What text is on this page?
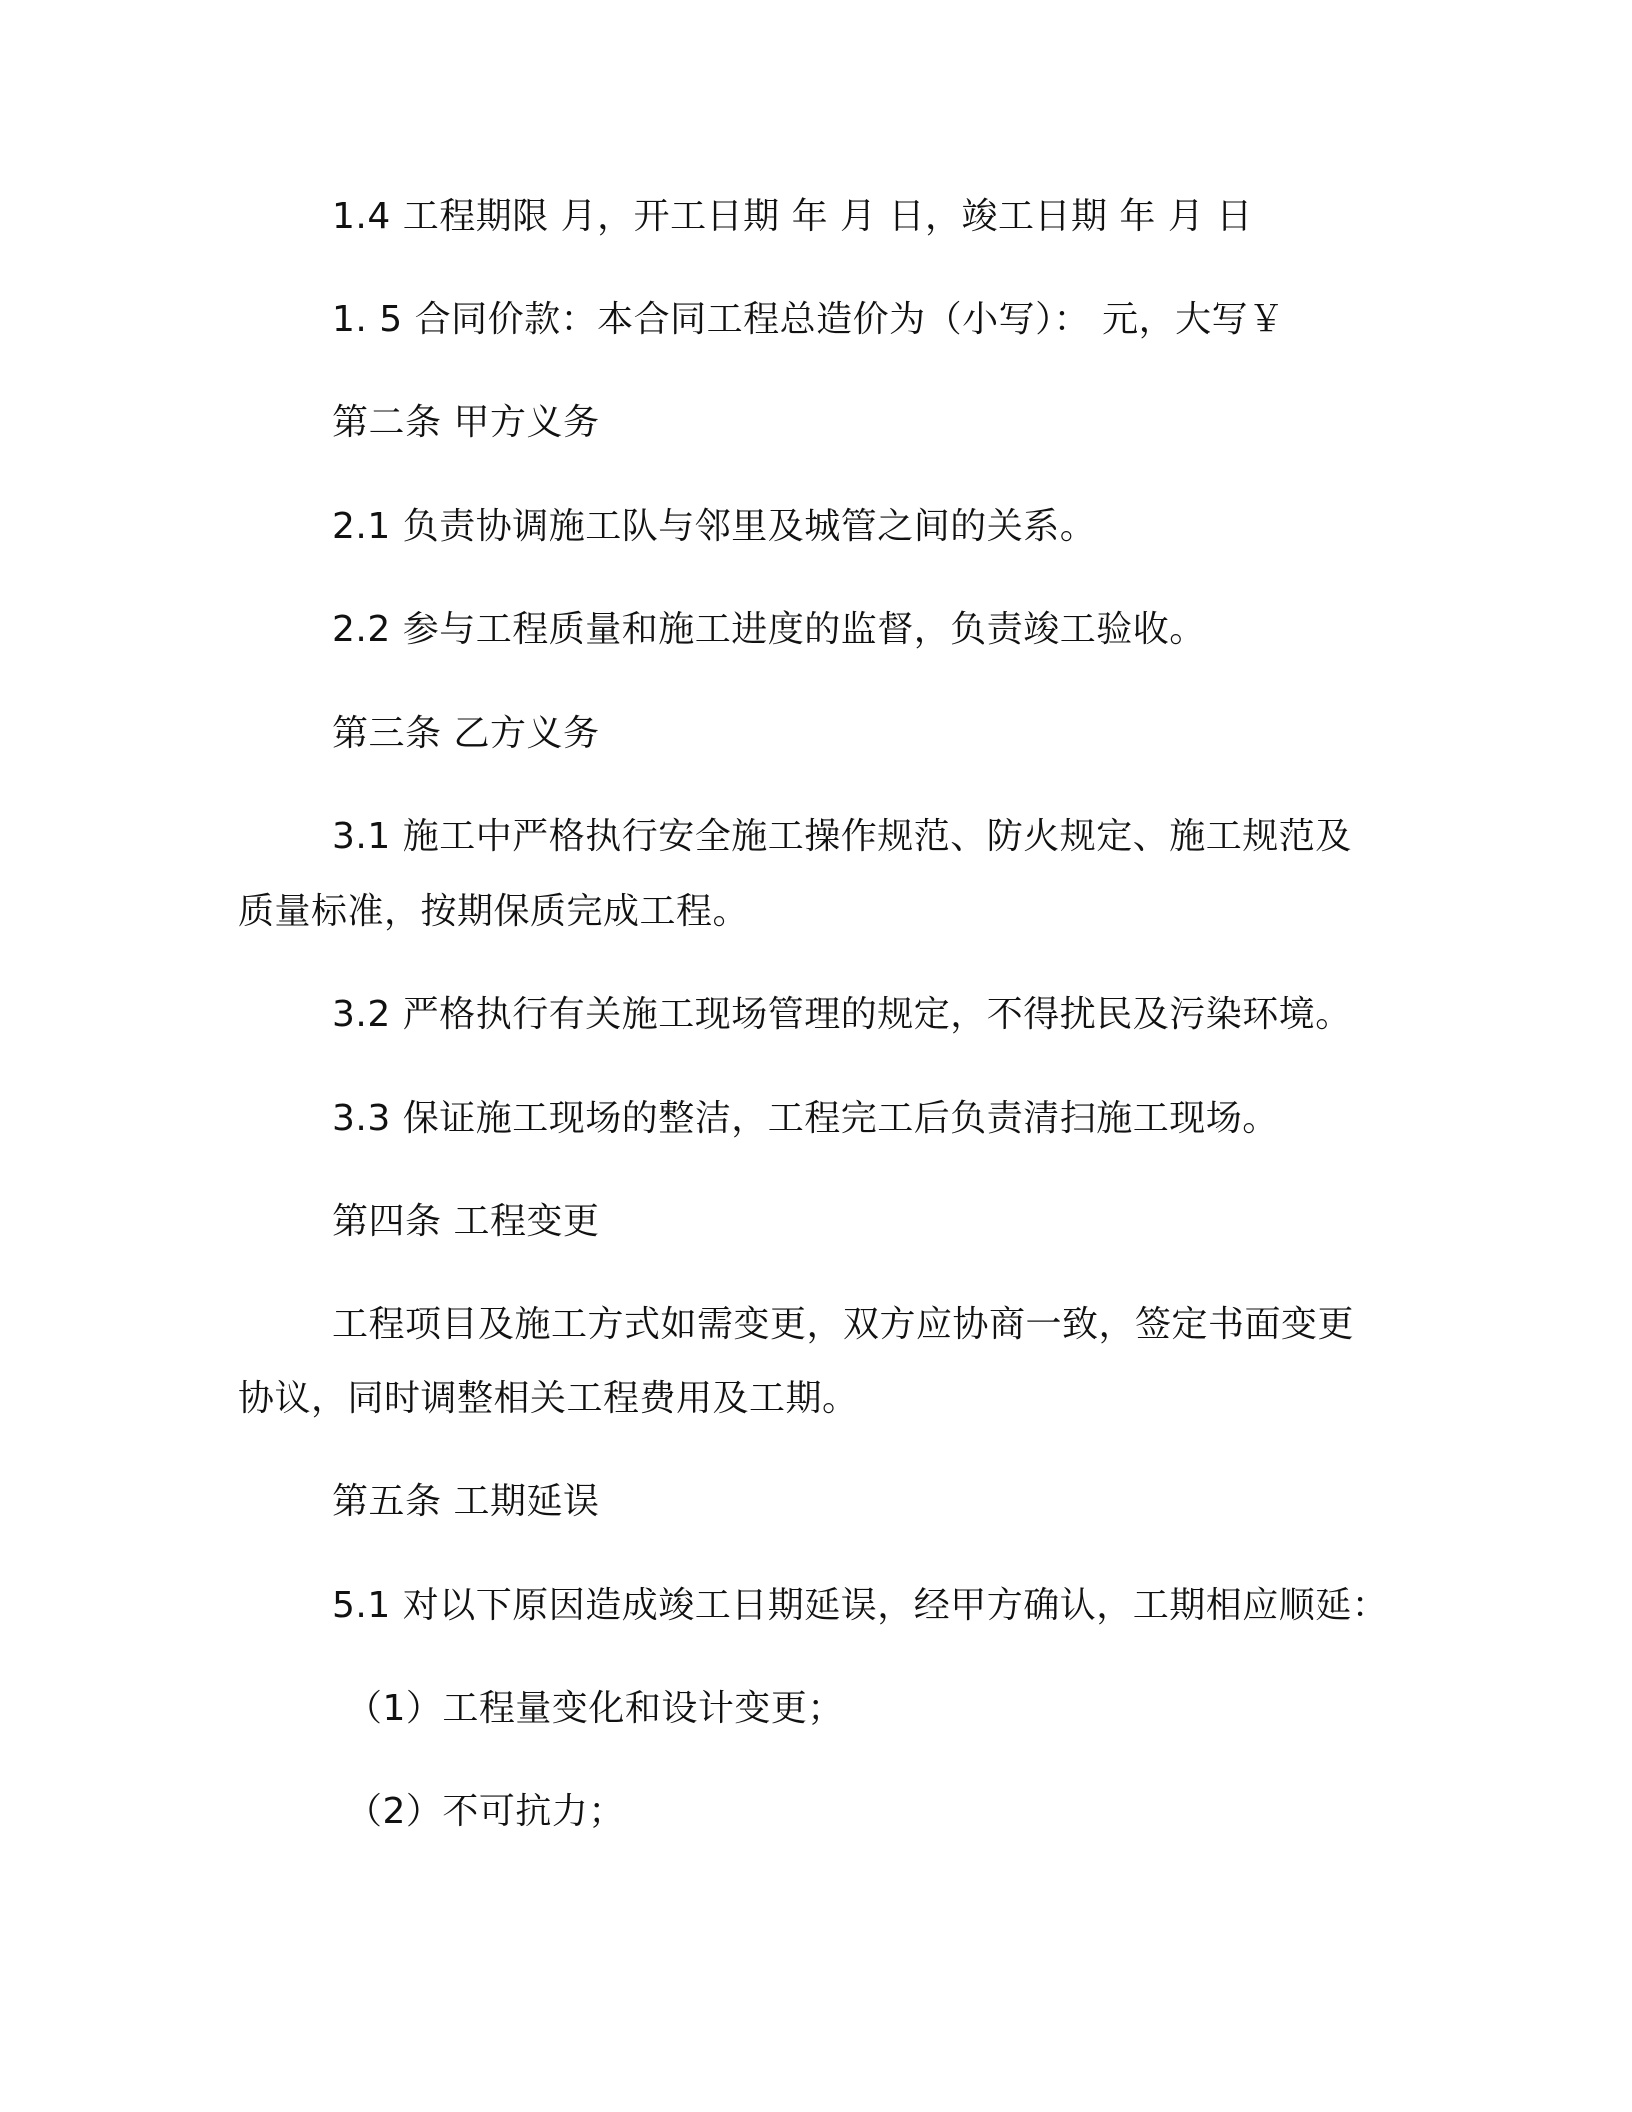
1.4 工程期限 月，开工日期 年 月 日，竣工日期 年 月 日

1. 5 合同价款：本合同工程总造价为（小写）： 元，大写￥

第二条 甲方义务

2.1 负责协调施工队与邻里及城管之间的关系。

2.2 参与工程质量和施工进度的监督，负责竣工验收。

第三条 乙方义务

3.1 施工中严格执行安全施工操作规范、防火规定、施工规范及

质量标准，按期保质完成工程。

3.2 严格执行有关施工现场管理的规定，不得扰民及污染环境。

3.3 保证施工现场的整洁，工程完工后负责清扫施工现场。

第四条 工程变更

工程项目及施工方式如需变更，双方应协商一致，签定书面变更

协议，同时调整相关工程费用及工期。

第五条 工期延误

5.1 对以下原因造成竣工日期延误，经甲方确认，工期相应顺延：

（1）工程量变化和设计变更；

（2）不可抗力；
